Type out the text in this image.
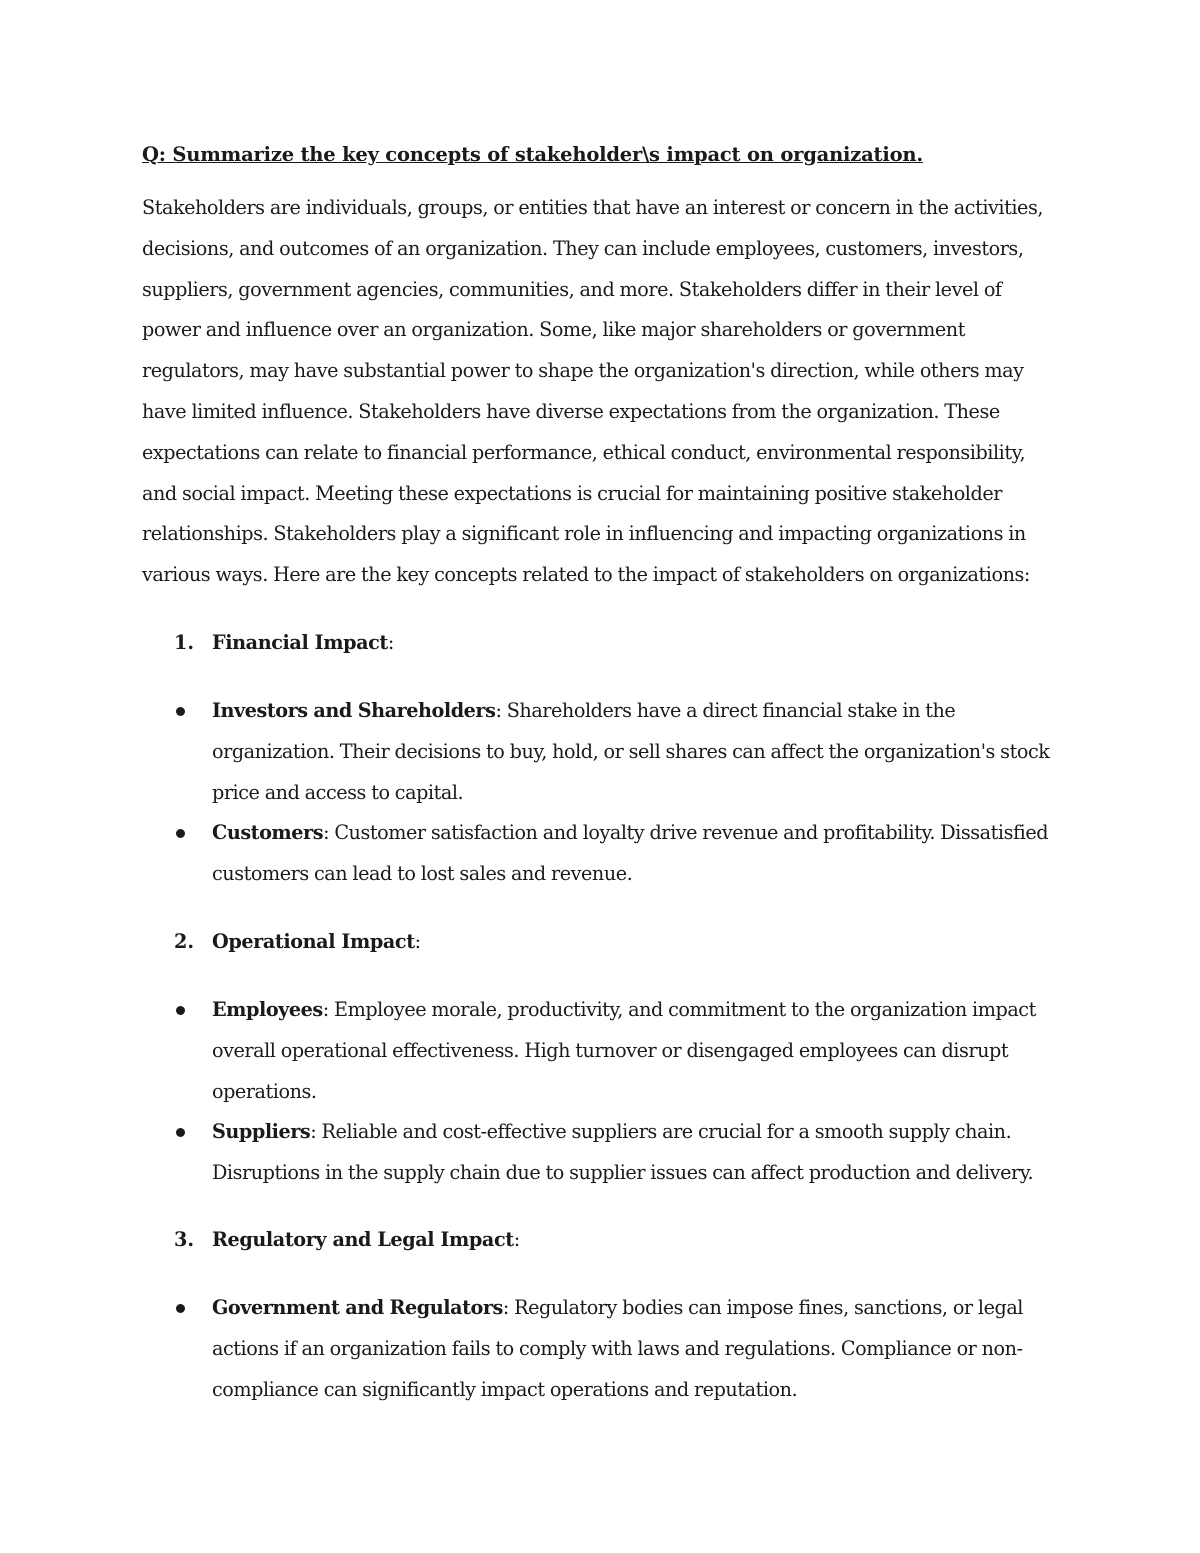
Q: Summarize the key concepts of stakeholder\s impact on organization.

Stakeholders are individuals, groups, or entities that have an interest or concern in the activities, decisions, and outcomes of an organization. They can include employees, customers, investors, suppliers, government agencies, communities, and more. Stakeholders differ in their level of power and influence over an organization. Some, like major shareholders or government regulators, may have substantial power to shape the organization's direction, while others may have limited influence. Stakeholders have diverse expectations from the organization. These expectations can relate to financial performance, ethical conduct, environmental responsibility, and social impact. Meeting these expectations is crucial for maintaining positive stakeholder relationships. Stakeholders play a significant role in influencing and impacting organizations in various ways. Here are the key concepts related to the impact of stakeholders on organizations:

1. Financial Impact:
Investors and Shareholders: Shareholders have a direct financial stake in the organization. Their decisions to buy, hold, or sell shares can affect the organization's stock price and access to capital.
Customers: Customer satisfaction and loyalty drive revenue and profitability. Dissatisfied customers can lead to lost sales and revenue.
2. Operational Impact:
Employees: Employee morale, productivity, and commitment to the organization impact overall operational effectiveness. High turnover or disengaged employees can disrupt operations.
Suppliers: Reliable and cost-effective suppliers are crucial for a smooth supply chain. Disruptions in the supply chain due to supplier issues can affect production and delivery.
3. Regulatory and Legal Impact:
Government and Regulators: Regulatory bodies can impose fines, sanctions, or legal actions if an organization fails to comply with laws and regulations. Compliance or non-compliance can significantly impact operations and reputation.
